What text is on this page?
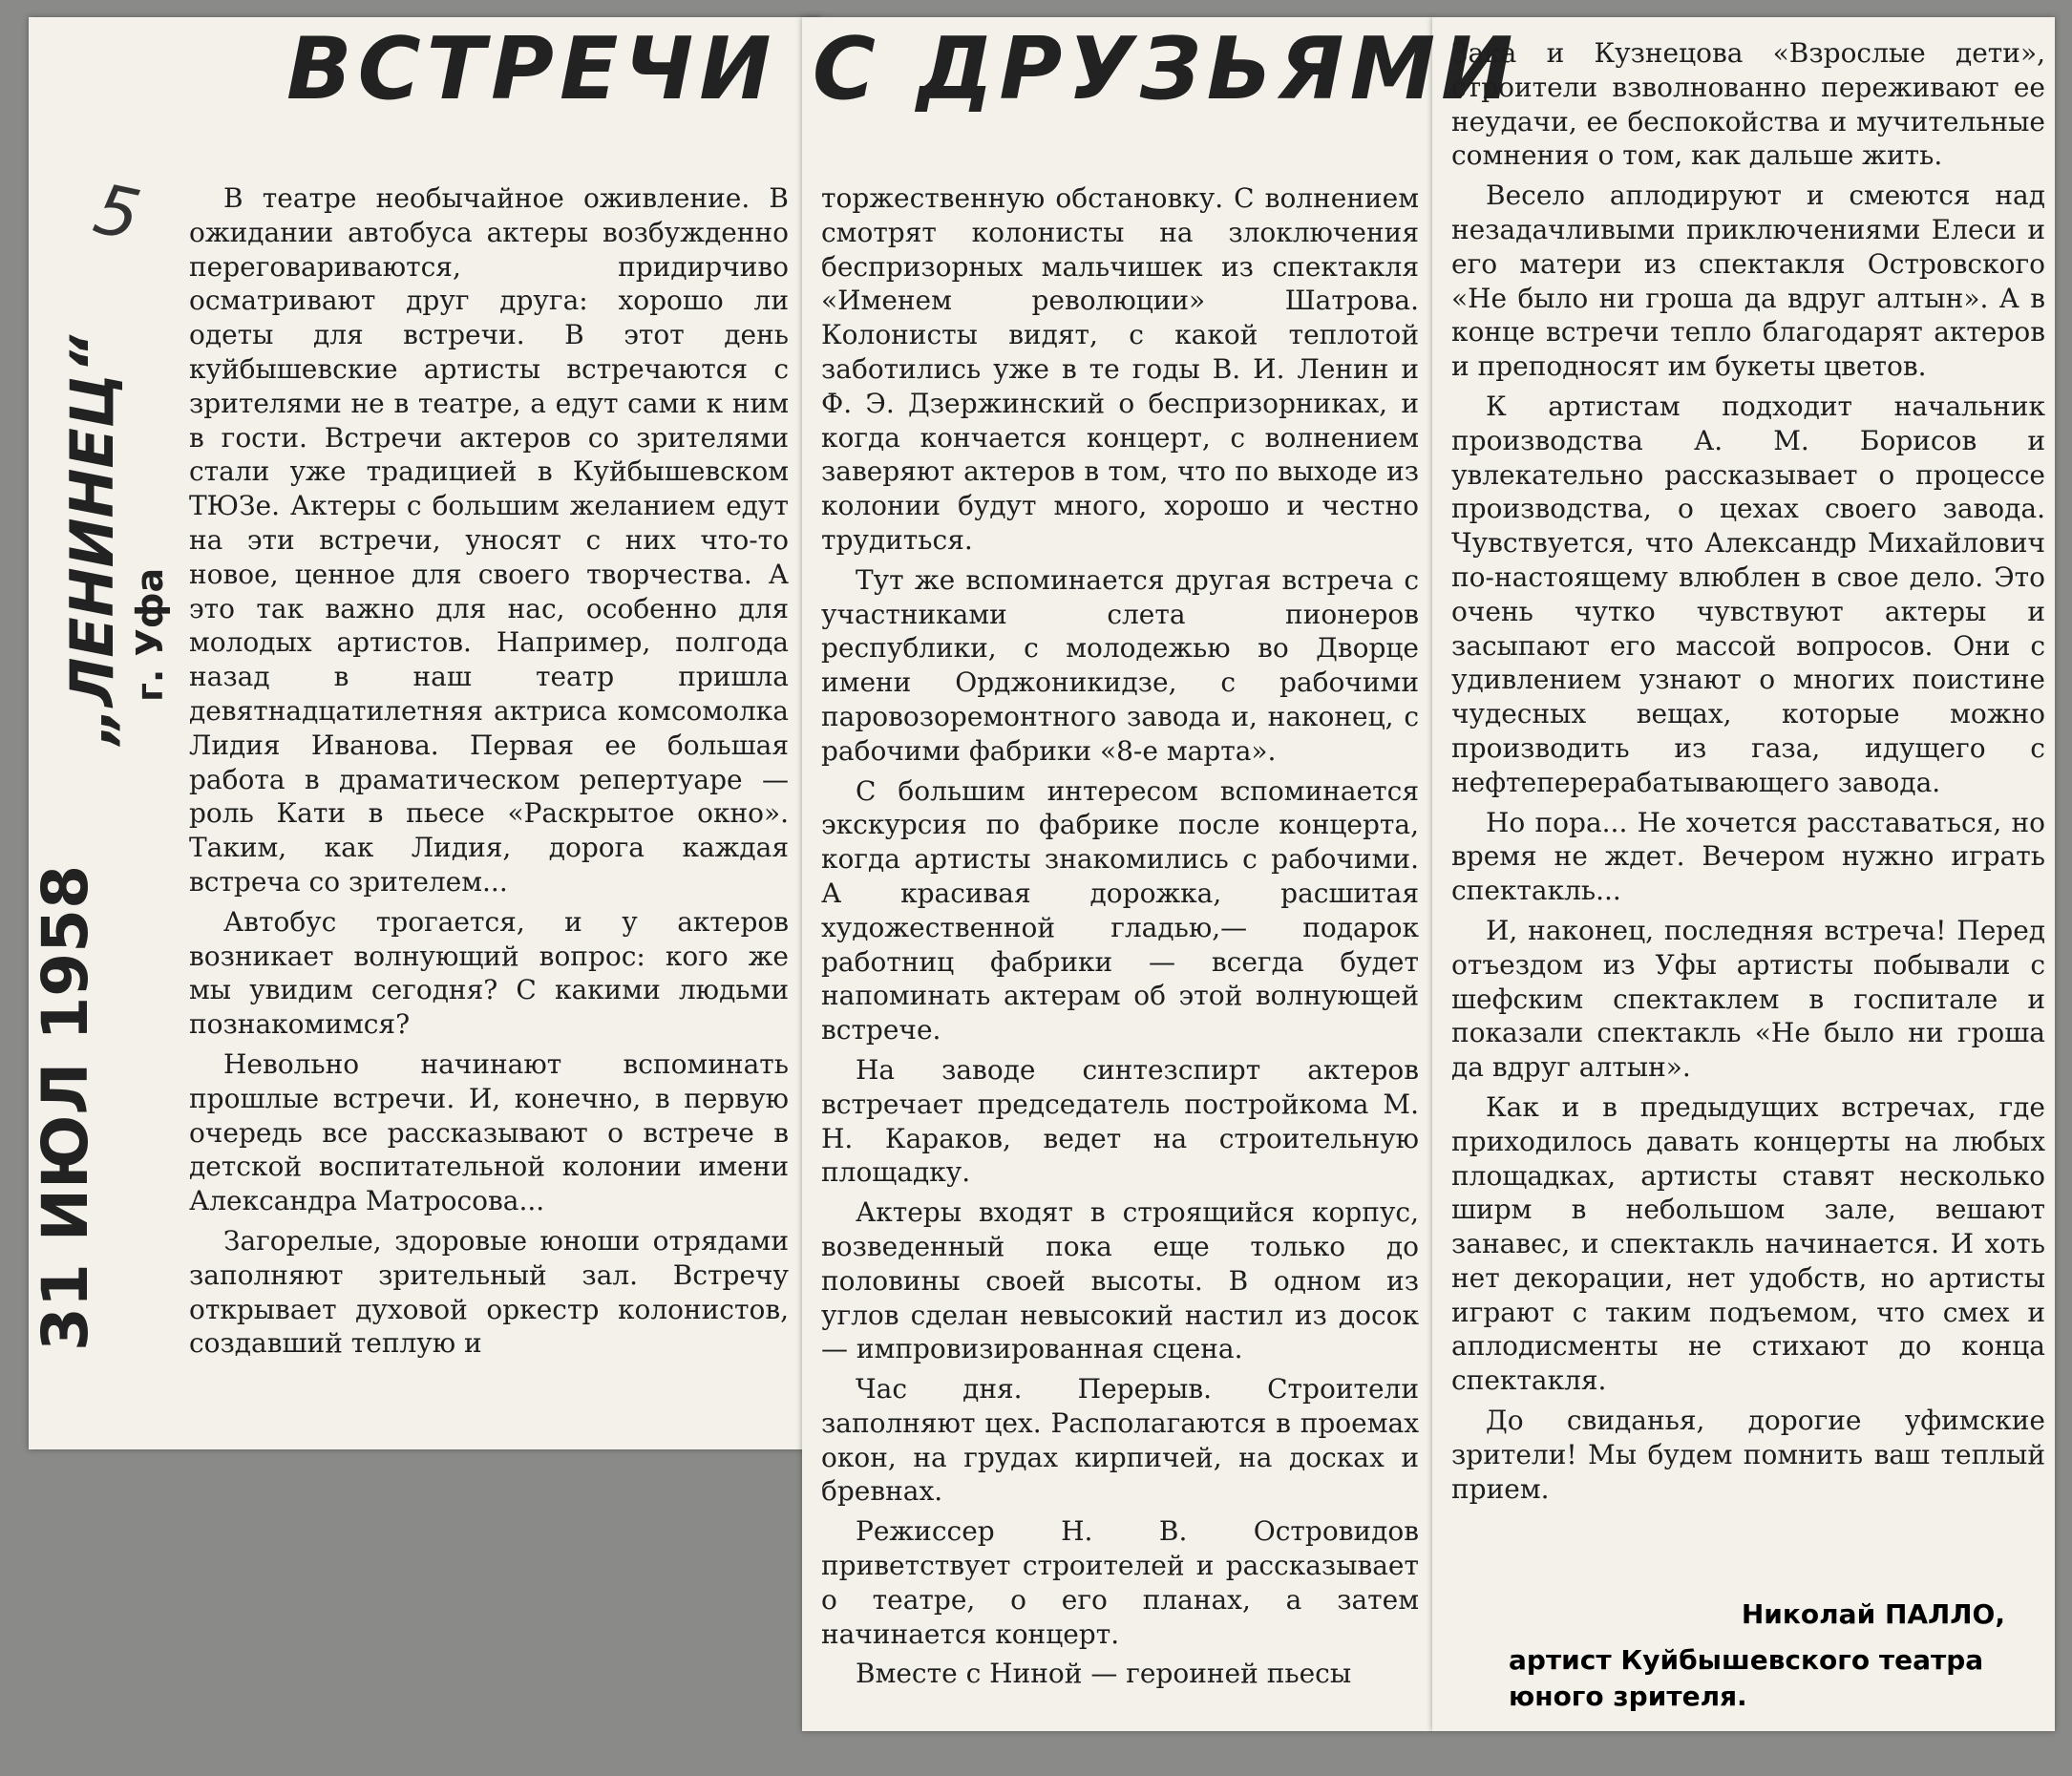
ВСТРЕЧИ С ДРУЗЬЯМИ
5
31 ИЮЛ 1958
„ЛЕНИНЕЦ“ г. Уфа

В театре необычайное оживление. В ожидании автобуса актеры возбужденно переговариваются, придирчиво осматривают друг друга: хорошо ли одеты для встречи. В этот день куйбышевские артисты встречаются с зрителями не в театре, а едут сами к ним в гости. Встречи актеров со зрителями стали уже традицией в Куйбышевском ТЮЗе. Актеры с большим желанием едут на эти встречи, уносят с них что-то новое, ценное для своего творчества. А это так важно для нас, особенно для молодых артистов. Например, полгода назад в наш театр пришла девятнадцатилетняя актриса комсомолка Лидия Иванова. Первая ее большая работа в драматическом репертуаре — роль Кати в пьесе «Раскрытое окно». Таким, как Лидия, дорога каждая встреча со зрителем...

Автобус трогается, и у актеров возникает волнующий вопрос: кого же мы увидим сегодня? С какими людьми познакомимся?

Невольно начинают вспоминать прошлые встречи. И, конечно, в первую очередь все рассказывают о встрече в детской воспитательной колонии имени Александра Матросова...

Загорелые, здоровые юноши отрядами заполняют зрительный зал. Встречу открывает духовой оркестр колонистов, создавший теплую и

торжественную обстановку. С волнением смотрят колонисты на злоключения беспризорных мальчишек из спектакля «Именем революции» Шатрова. Колонисты видят, с какой теплотой заботились уже в те годы В. И. Ленин и Ф. Э. Дзержинский о беспризорниках, и когда кончается концерт, с волнением заверяют актеров в том, что по выходе из колонии будут много, хорошо и честно трудиться.

Тут же вспоминается другая встреча с участниками слета пионеров республики, с молодежью во Дворце имени Орджоникидзе, с рабочими паровозоремонтного завода и, наконец, с рабочими фабрики «8-е марта».

С большим интересом вспоминается экскурсия по фабрике после концерта, когда артисты знакомились с рабочими. А красивая дорожка, расшитая художественной гладью,— подарок работниц фабрики — всегда будет напоминать актерам об этой волнующей встрече.

На заводе синтезспирт актеров встречает председатель постройкома М. Н. Караков, ведет на строительную площадку.

Актеры входят в строящийся корпус, возведенный пока еще только до половины своей высоты. В одном из углов сделан невысокий настил из досок — импровизированная сцена.

Час дня. Перерыв. Строители заполняют цех. Располагаются в проемах окон, на грудах кирпичей, на досках и бревнах.

Режиссер Н. В. Островидов приветствует строителей и рассказывает о театре, о его планах, а затем начинается концерт.

Вместе с Ниной — героиней пьесы

Зака и Кузнецова «Взрослые дети», строители взволнованно переживают ее неудачи, ее беспокойства и мучительные сомнения о том, как дальше жить.

Весело аплодируют и смеются над незадачливыми приключениями Елеси и его матери из спектакля Островского «Не было ни гроша да вдруг алтын». А в конце встречи тепло благодарят актеров и преподносят им букеты цветов.

К артистам подходит начальник производства А. М. Борисов и увлекательно рассказывает о процессе производства, о цехах своего завода. Чувствуется, что Александр Михайлович по-настоящему влюблен в свое дело. Это очень чутко чувствуют актеры и засыпают его массой вопросов. Они с удивлением узнают о многих поистине чудесных вещах, которые можно производить из газа, идущего с нефтеперерабатывающего завода.

Но пора... Не хочется расставаться, но время не ждет. Вечером нужно играть спектакль...

И, наконец, последняя встреча! Перед отъездом из Уфы артисты побывали с шефским спектаклем в госпитале и показали спектакль «Не было ни гроша да вдруг алтын».

Как и в предыдущих встречах, где приходилось давать концерты на любых площадках, артисты ставят несколько ширм в небольшом зале, вешают занавес, и спектакль начинается. И хоть нет декорации, нет удобств, но артисты играют с таким подъемом, что смех и аплодисменты не стихают до конца спектакля.

До свиданья, дорогие уфимские зрители! Мы будем помнить ваш теплый прием.

Николай ПАЛЛО,
артист Куйбышевского театра юного зрителя.
